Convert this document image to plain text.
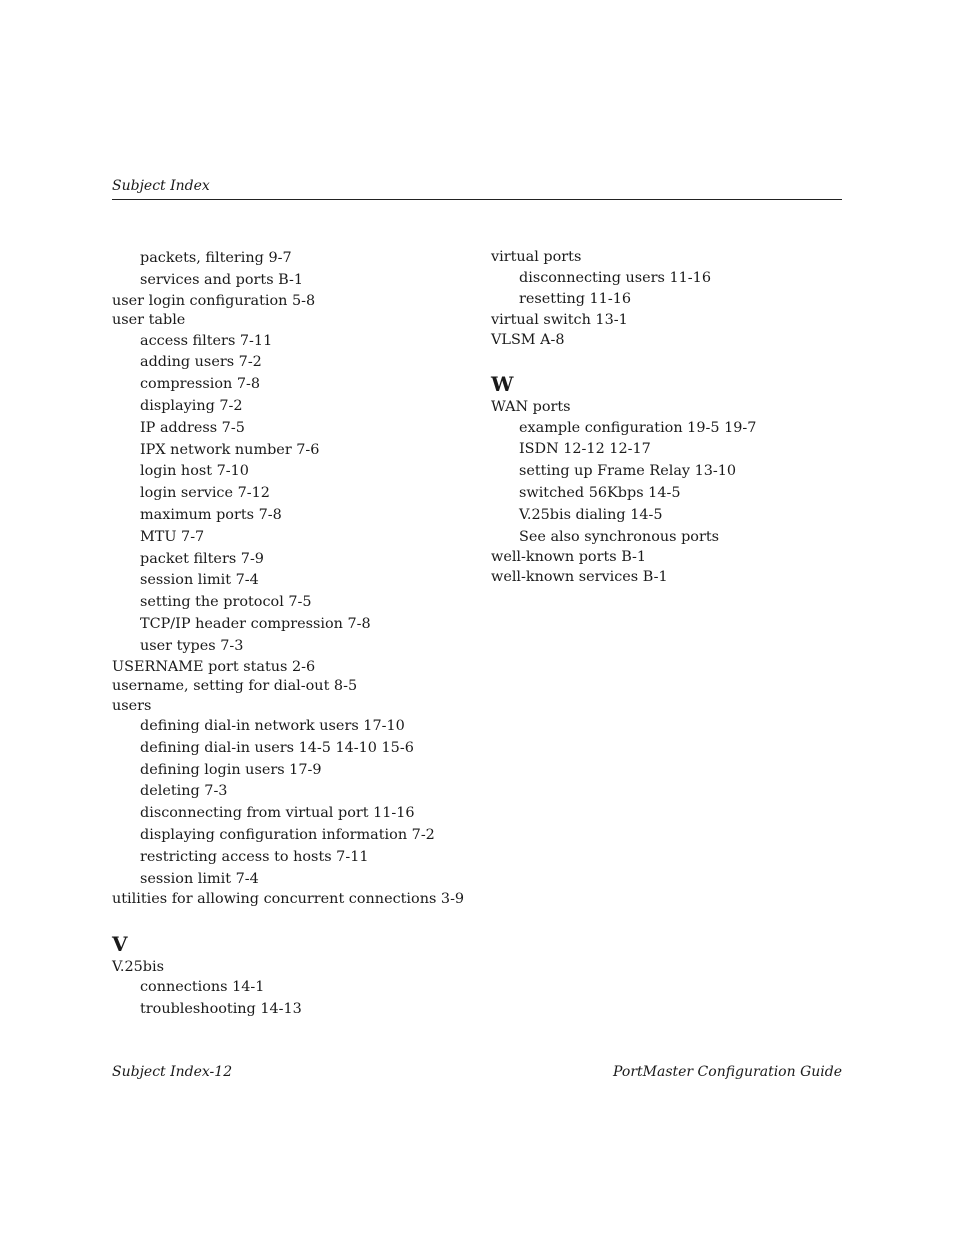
Subject Index
packets, filtering 9-7
services and ports B-1
user login configuration 5-8
user table
access filters 7-11
adding users 7-2
compression 7-8
displaying 7-2
IP address 7-5
IPX network number 7-6
login host 7-10
login service 7-12
maximum ports 7-8
MTU 7-7
packet filters 7-9
session limit 7-4
setting the protocol 7-5
TCP/IP header compression 7-8
user types 7-3
USERNAME port status 2-6
username, setting for dial-out 8-5
users
defining dial-in network users 17-10
defining dial-in users 14-5 14-10 15-6
defining login users 17-9
deleting 7-3
disconnecting from virtual port 11-16
displaying configuration information 7-2
restricting access to hosts 7-11
session limit 7-4
utilities for allowing concurrent connections 3-9
V
V.25bis
connections 14-1
troubleshooting 14-13
virtual ports
disconnecting users 11-16
resetting 11-16
virtual switch 13-1
VLSM A-8
W
WAN ports
example configuration 19-5 19-7
ISDN 12-12 12-17
setting up Frame Relay 13-10
switched 56Kbps 14-5
V.25bis dialing 14-5
See also synchronous ports
well-known ports B-1
well-known services B-1
Subject Index-12	PortMaster Configuration Guide
